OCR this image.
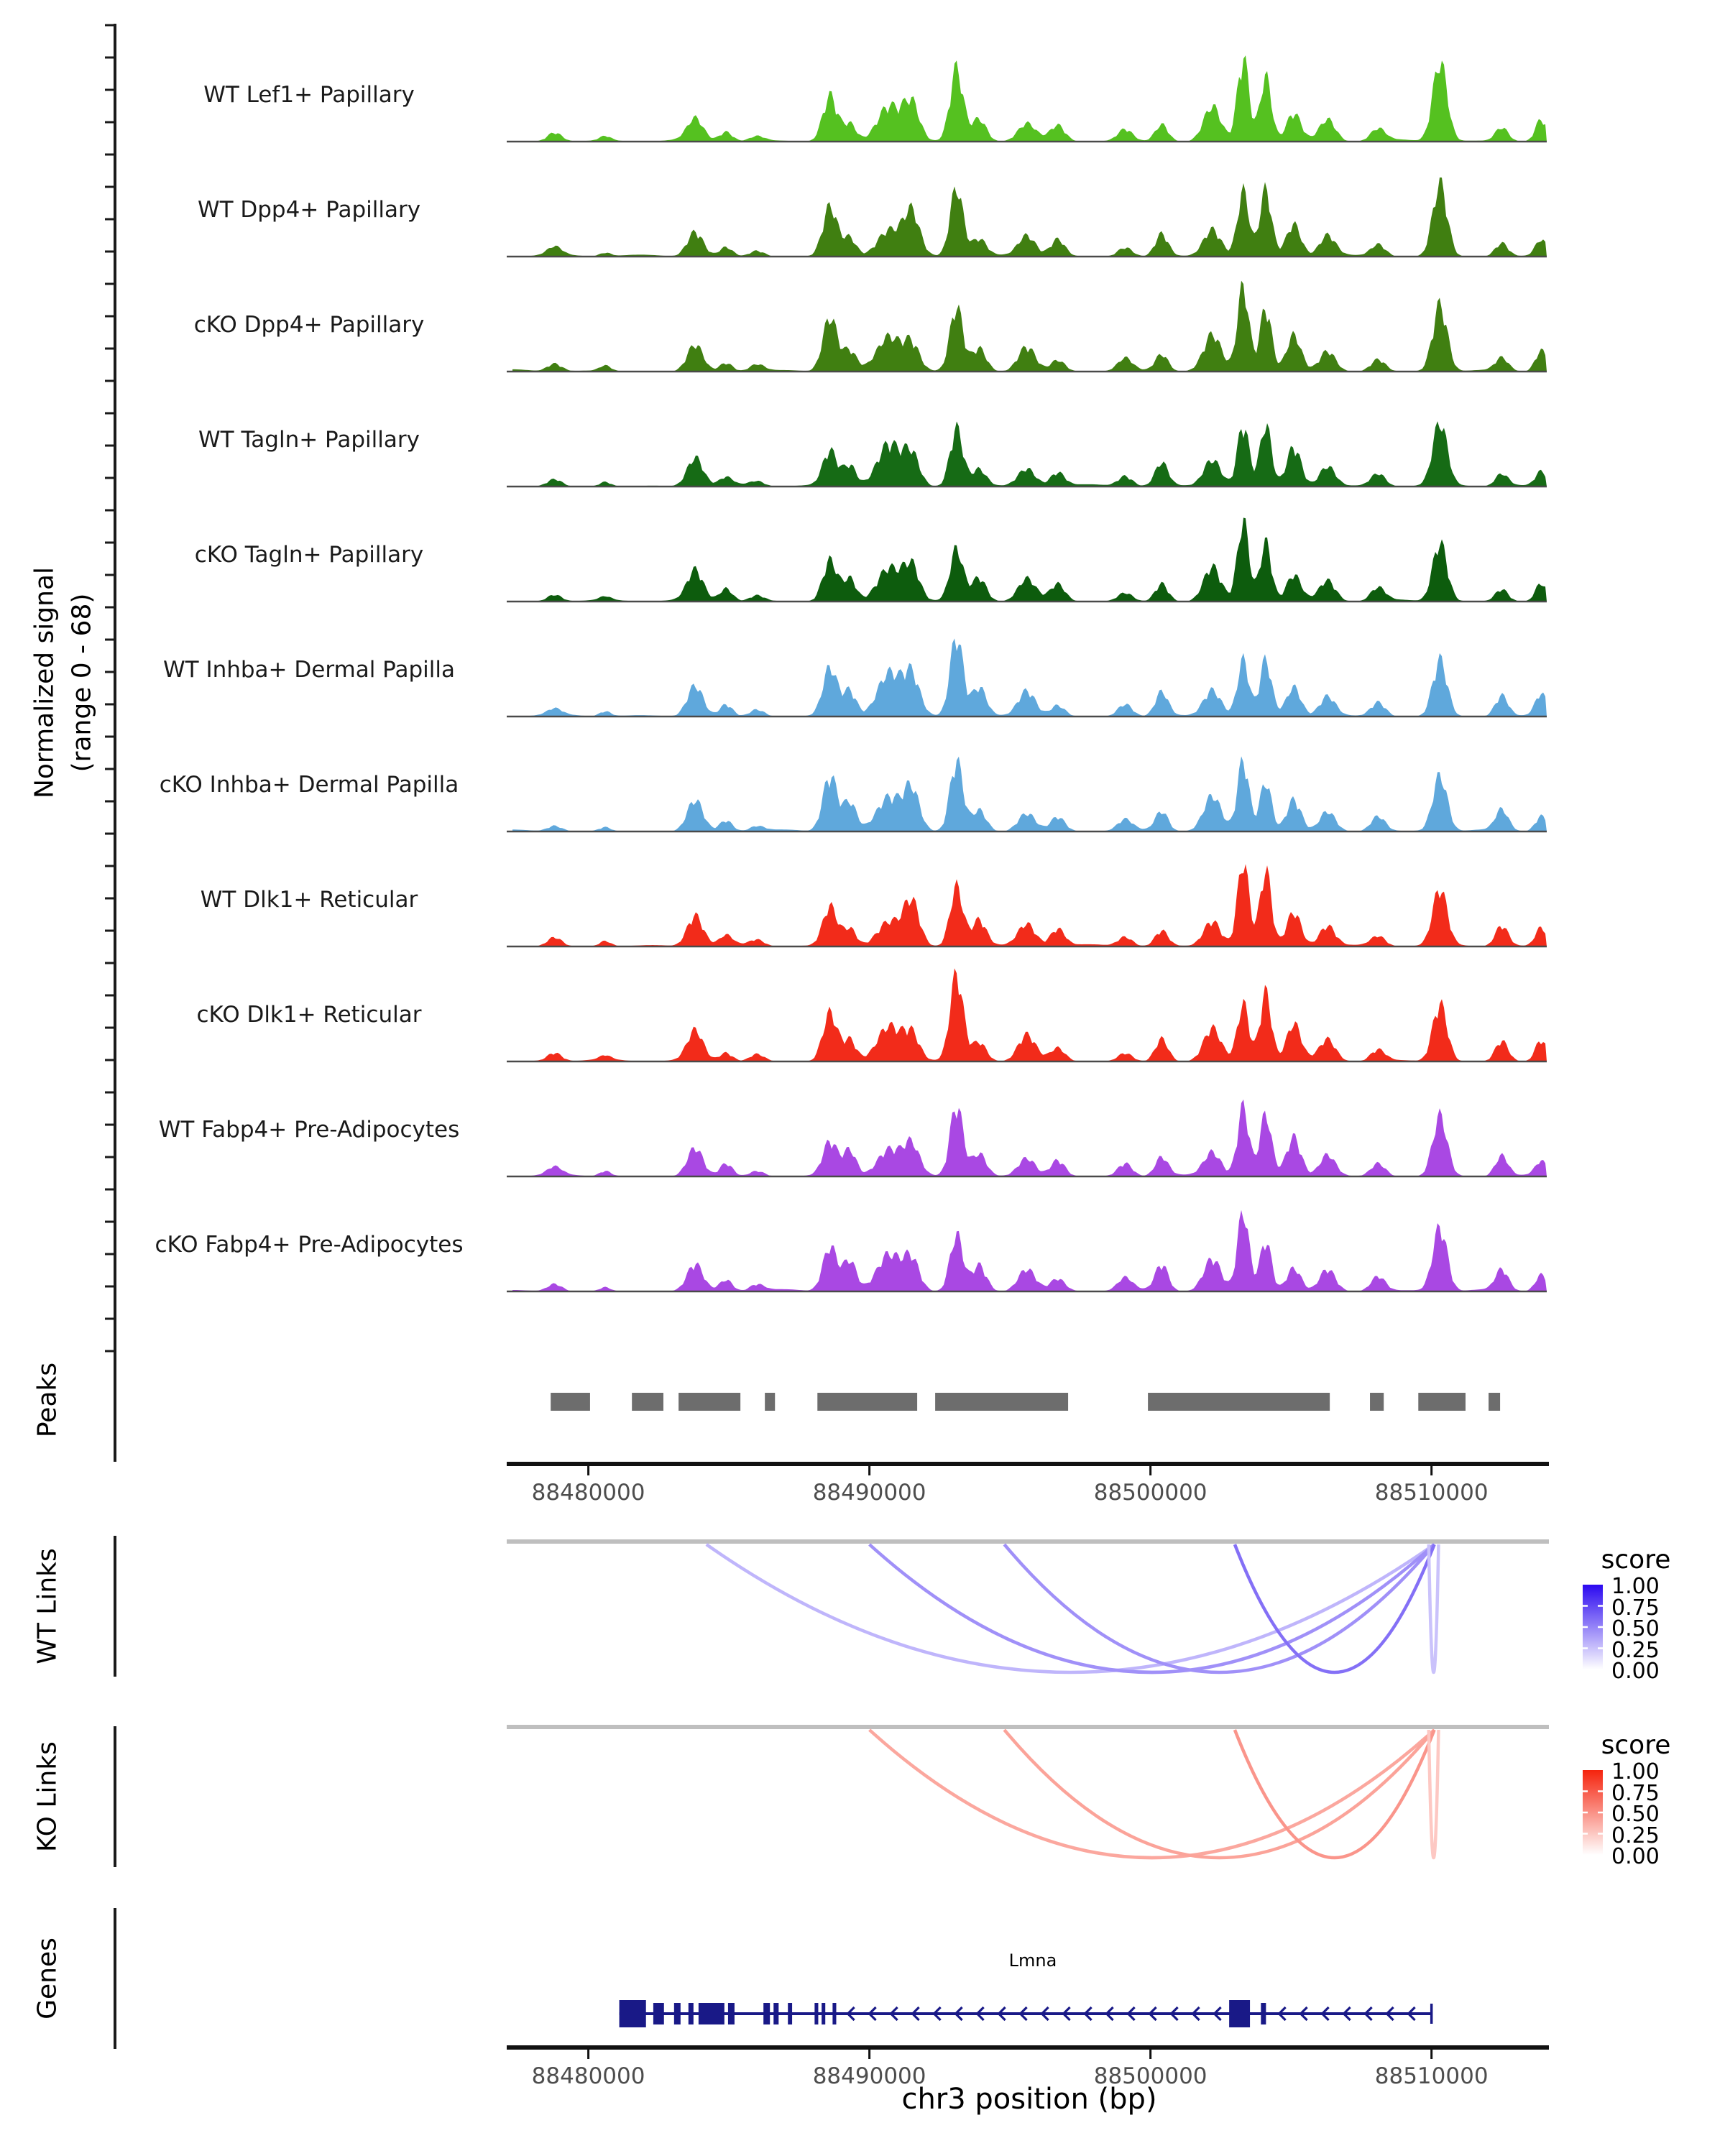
Normalized signal (range 0 - 68)
Peaks
WT Links
KO Links
Genes
score
score
Lmna
chr3 position (bp)
WT Lef1+ Papillary
WT Dpp4+ Papillary
cKO Dpp4+ Papillary
WT Tagln+ Papillary
cKO Tagln+ Papillary
WT Inhba+ Dermal Papilla
cKO Inhba+ Dermal Papilla
WT Dlk1+ Reticular
cKO Dlk1+ Reticular
WT Fabp4+ Pre-Adipocytes
cKO Fabp4+ Pre-Adipocytes
88480000	88490000	88500000	88510000
88480000	88490000	88500000	88510000
1.00
0.75
0.50
0.25
0.00
1.00
0.75
0.50
0.25
0.00
